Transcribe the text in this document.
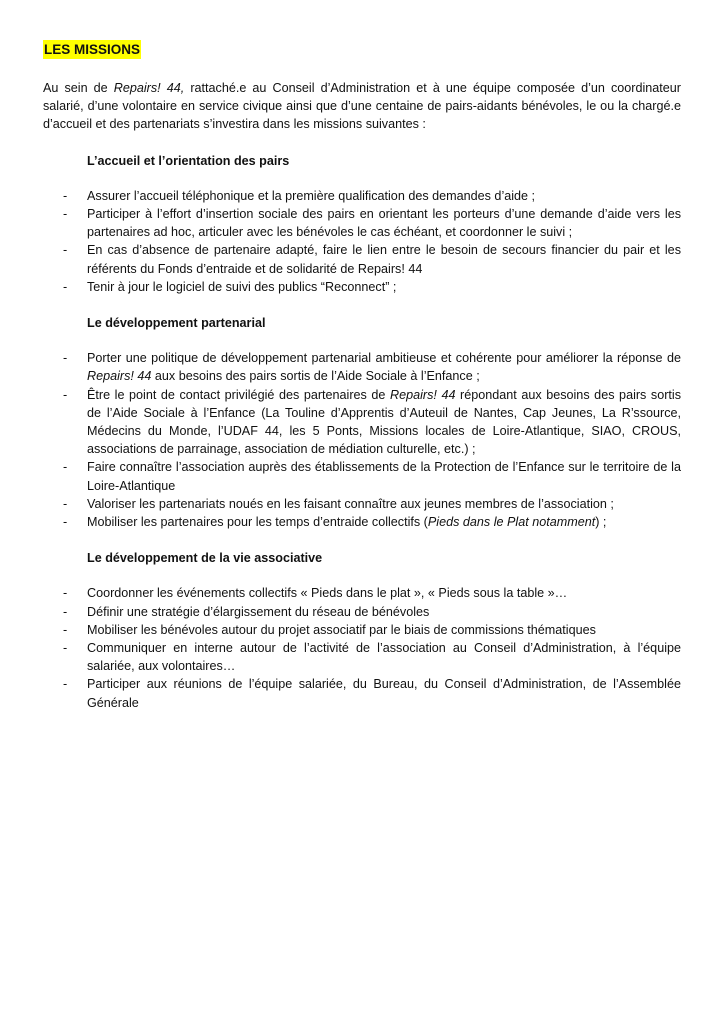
LES MISSIONS

Au sein de Repairs! 44, rattaché.e au Conseil d’Administration et à une équipe composée d’un coordinateur salarié, d’une volontaire en service civique ainsi que d’une centaine de pairs-aidants bénévoles, le ou la chargé.e d’accueil et des partenariats s’investira dans les missions suivantes :

L’accueil et l’orientation des pairs
- Assurer l’accueil téléphonique et la première qualification des demandes d’aide ;
- Participer à l’effort d’insertion sociale des pairs en orientant les porteurs d’une demande d’aide vers les partenaires ad hoc, articuler avec les bénévoles le cas échéant, et coordonner le suivi ;
- En cas d’absence de partenaire adapté, faire le lien entre le besoin de secours financier du pair et les référents du Fonds d’entraide et de solidarité de Repairs! 44
- Tenir à jour le logiciel de suivi des publics “Reconnect” ;
Le développement partenarial
- Porter une politique de développement partenarial ambitieuse et cohérente pour améliorer la réponse de Repairs! 44 aux besoins des pairs sortis de l’Aide Sociale à l’Enfance ;
- Être le point de contact privilégié des partenaires de Repairs! 44 répondant aux besoins des pairs sortis de l’Aide Sociale à l’Enfance (La Touline d’Apprentis d’Auteuil de Nantes, Cap Jeunes, La R’ssource, Médecins du Monde, l’UDAF 44, les 5 Ponts, Missions locales de Loire-Atlantique, SIAO, CROUS, associations de parrainage, association de médiation culturelle, etc.) ;
- Faire connaître l’association auprès des établissements de la Protection de l’Enfance sur le territoire de la Loire-Atlantique
- Valoriser les partenariats noués en les faisant connaître aux jeunes membres de l’association ;
- Mobiliser les partenaires pour les temps d’entraide collectifs (Pieds dans le Plat notamment) ;
Le développement de la vie associative
- Coordonner les événements collectifs « Pieds dans le plat », « Pieds sous la table »…
- Définir une stratégie d’élargissement du réseau de bénévoles
- Mobiliser les bénévoles autour du projet associatif par le biais de commissions thématiques
- Communiquer en interne autour de l’activité de l’association au Conseil d’Administration, à l’équipe salariée, aux volontaires…
- Participer aux réunions de l’équipe salariée, du Bureau, du Conseil d’Administration, de l’Assemblée Générale
